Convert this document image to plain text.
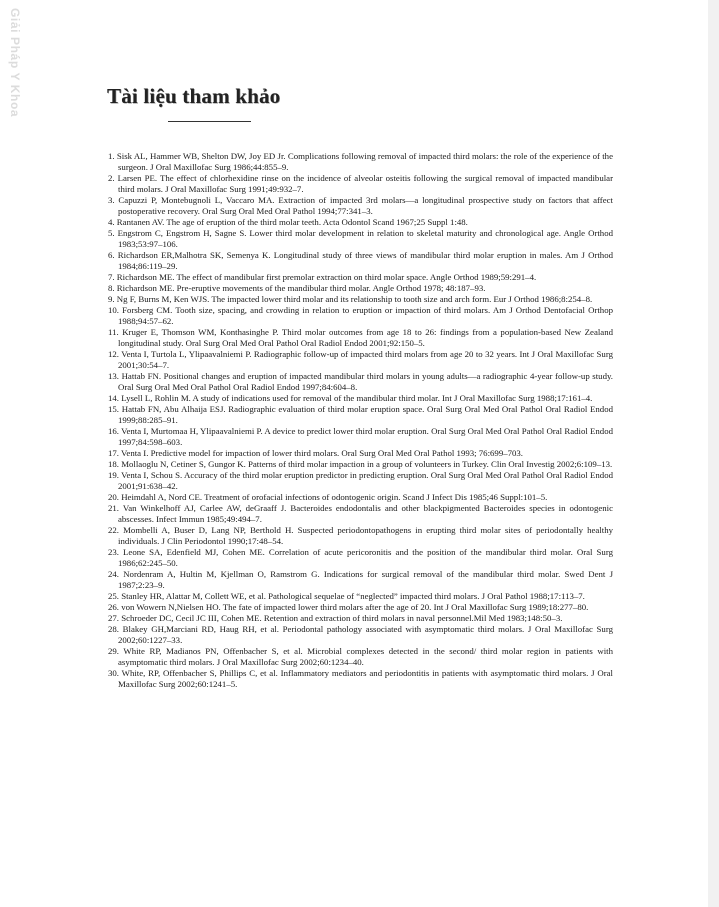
Giải Pháp Y Khoa	Tài liệu tham khảo
1. Sisk AL, Hammer WB, Shelton DW, Joy ED Jr. Complications following removal of impacted third molars: the role of the experience of the surgeon. J Oral Maxillofac Surg 1986;44:855–9.
2. Larsen PE. The effect of chlorhexidine rinse on the incidence of alveolar osteitis following the surgical removal of impacted mandibular third molars. J Oral Maxillofac Surg 1991;49:932–7.
3. Capuzzi P, Montebugnoli L, Vaccaro MA. Extraction of impacted 3rd molars—a longitudinal prospective study on factors that affect postoperative recovery. Oral Surg Oral Med Oral Pathol 1994;77:341–3.
4. Rantanen AV. The age of eruption of the third molar teeth. Acta Odontol Scand 1967;25 Suppl 1:48.
5. Engstrom C, Engstrom H, Sagne S. Lower third molar development in relation to skeletal maturity and chronological age. Angle Orthod 1983;53:97–106.
6. Richardson ER,Malhotra SK, Semenya K. Longitudinal study of three views of mandibular third molar eruption in males. Am J Orthod 1984;86:119–29.
7. Richardson ME. The effect of mandibular first premolar extraction on third molar space. Angle Orthod 1989;59:291–4.
8. Richardson ME. Pre-eruptive movements of the mandibular third molar. Angle Orthod 1978; 48:187–93.
9. Ng F, Burns M, Ken WJS. The impacted lower third molar and its relationship to tooth size and arch form. Eur J Orthod 1986;8:254–8.
10. Forsberg CM. Tooth size, spacing, and crowding in relation to eruption or impaction of third molars. Am J Orthod Dentofacial Orthop 1988;94:57–62.
11. Kruger E, Thomson WM, Konthasinghe P. Third molar outcomes from age 18 to 26: findings from a population-based New Zealand longitudinal study. Oral Surg Oral Med Oral Pathol Oral Radiol Endod 2001;92:150–5.
12. Venta I, Turtola L, Ylipaavalniemi P. Radiographic follow-up of impacted third molars from age 20 to 32 years. Int J Oral Maxillofac Surg 2001;30:54–7.
13. Hattab FN. Positional changes and eruption of impacted mandibular third molars in young adults—a radiographic 4-year follow-up study. Oral Surg Oral Med Oral Pathol Oral Radiol Endod 1997;84:604–8.
14. Lysell L, Rohlin M. A study of indications used for removal of the mandibular third molar. Int J Oral Maxillofac Surg 1988;17:161–4.
15. Hattab FN, Abu Alhaija ESJ. Radiographic evaluation of third molar eruption space. Oral Surg Oral Med Oral Pathol Oral Radiol Endod 1999;88:285–91.
16. Venta I, Murtomaa H, Ylipaavalniemi P. A device to predict lower third molar eruption. Oral Surg Oral Med Oral Pathol Oral Radiol Endod 1997;84:598–603.
17. Venta I. Predictive model for impaction of lower third molars. Oral Surg Oral Med Oral Pathol 1993; 76:699–703.
18. Mollaoglu N, Cetiner S, Gungor K. Patterns of third molar impaction in a group of volunteers in Turkey. Clin Oral Investig 2002;6:109–13.
19. Venta I, Schou S. Accuracy of the third molar eruption predictor in predicting eruption. Oral Surg Oral Med Oral Pathol Oral Radiol Endod 2001;91:638–42.
20. Heimdahl A, Nord CE. Treatment of orofacial infections of odontogenic origin. Scand J Infect Dis 1985;46 Suppl:101–5.
21. Van Winkelhoff AJ, Carlee AW, deGraaff J. Bacteroides endodontalis and other blackpigmented Bacteroides species in odontogenic abscesses. Infect Immun 1985;49:494–7.
22. Mombelli A, Buser D, Lang NP, Berthold H. Suspected periodontopathogens in erupting third molar sites of periodontally healthy individuals. J Clin Periodontol 1990;17:48–54.
23. Leone SA, Edenfield MJ, Cohen ME. Correlation of acute pericoronitis and the position of the mandibular third molar. Oral Surg 1986;62:245–50.
24. Nordenram A, Hultin M, Kjellman O, Ramstrom G. Indications for surgical removal of the mandibular third molar. Swed Dent J 1987;2:23–9.
25. Stanley HR, Alattar M, Collett WE, et al. Pathological sequelae of “neglected” impacted third molars. J Oral Pathol 1988;17:113–7.
26. von Wowern N,Nielsen HO. The fate of impacted lower third molars after the age of 20. Int J Oral Maxillofac Surg 1989;18:277–80.
27. Schroeder DC, Cecil JC III, Cohen ME. Retention and extraction of third molars in naval personnel.Mil Med 1983;148:50–3.
28. Blakey GH,Marciani RD, Haug RH, et al. Periodontal pathology associated with asymptomatic third molars. J Oral Maxillofac Surg 2002;60:1227–33.
29. White RP, Madianos PN, Offenbacher S, et al. Microbial complexes detected in the second/ third molar region in patients with asymptomatic third molars. J Oral Maxillofac Surg 2002;60:1234–40.
30. White, RP, Offenbacher S, Phillips C, et al. Inflammatory mediators and periodontitis in patients with asymptomatic third molars. J Oral Maxillofac Surg 2002;60:1241–5.
